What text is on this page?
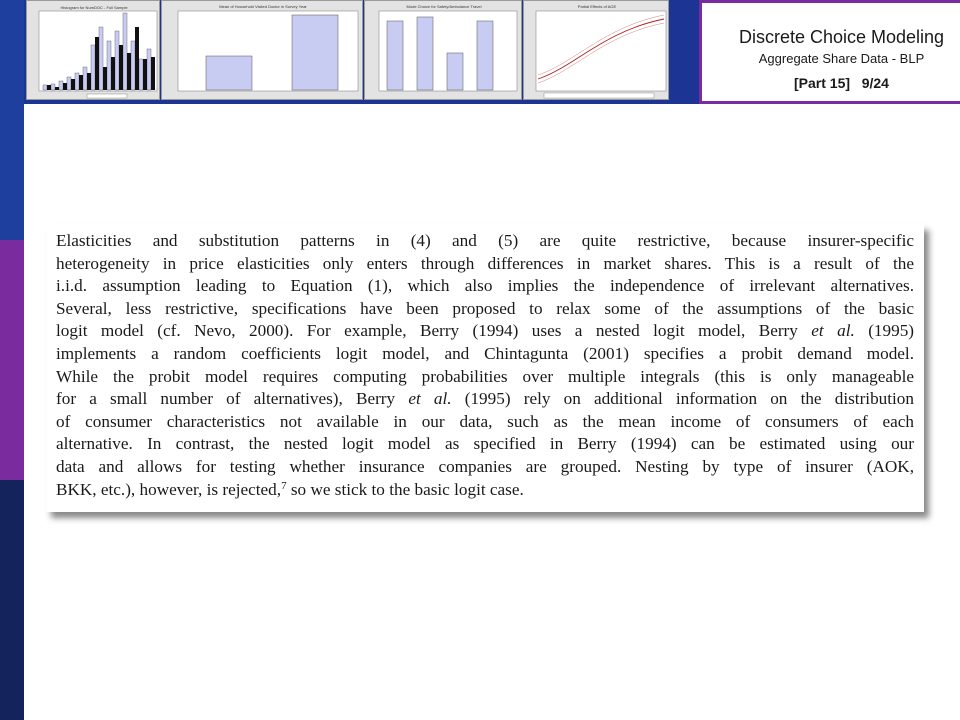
Histogram for NumDOC - Full Sample	Mean of Household Visited Doctor in Survey Year	Mode Choice for Safety/Ambulance Travel	Partial Effects of AGE
Discrete Choice Modeling
Aggregate Share Data - BLP
[Part 15] 9/24

Elasticities and substitution patterns in (4) and (5) are quite restrictive, because insurer-specific
heterogeneity in price elasticities only enters through differences in market shares. This is a result of the
i.i.d. assumption leading to Equation (1), which also implies the independence of irrelevant alternatives.
Several, less restrictive, specifications have been proposed to relax some of the assumptions of the basic
logit model (cf. Nevo, 2000). For example, Berry (1994) uses a nested logit model, Berry et al. (1995)
implements a random coefficients logit model, and Chintagunta (2001) specifies a probit demand model.
While the probit model requires computing probabilities over multiple integrals (this is only manageable
for a small number of alternatives), Berry et al. (1995) rely on additional information on the distribution
of consumer characteristics not available in our data, such as the mean income of consumers of each
alternative. In contrast, the nested logit model as specified in Berry (1994) can be estimated using our
data and allows for testing whether insurance companies are grouped. Nesting by type of insurer (AOK,
BKK, etc.), however, is rejected,$^7$ so we stick to the basic logit case.
